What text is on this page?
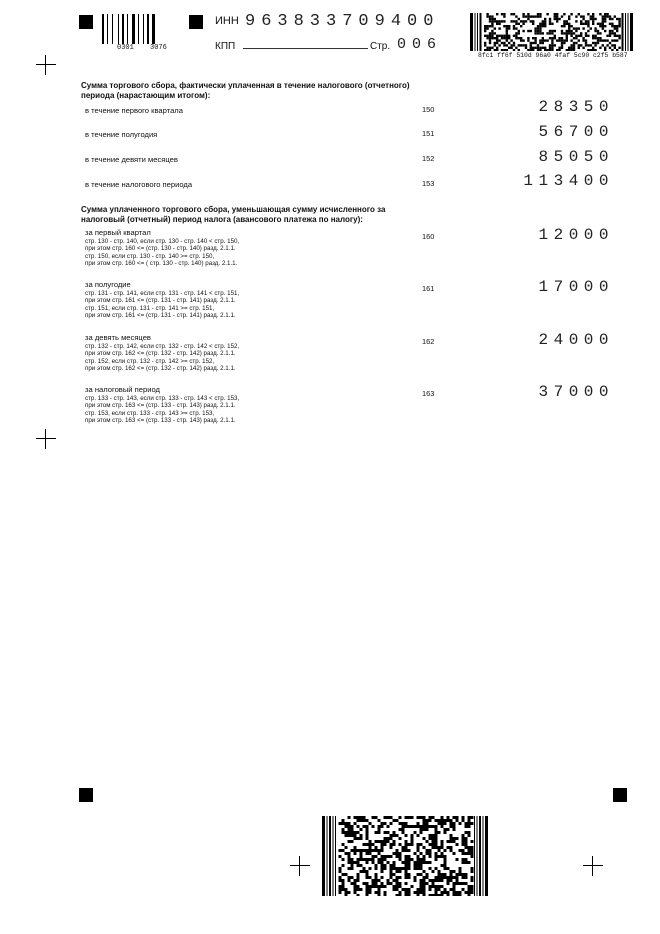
0301 3076
ИНН 963833709400
КПП	Стр. 006
8fc1 ff6f 510d 96a0 4faf 5c90 c2f5 b587
Сумма торгового сбора, фактически уплаченная в течение налогового (отчетного) периода (нарастающим итогом):
в течение первого квартала	150	28350
в течение полугодия	151	56700
в течение девяти месяцев	152	85050
в течение налогового периода	153	113400
Сумма уплаченного торгового сбора, уменьшающая сумму исчисленного за налоговый (отчетный) период налога (авансового платежа по налогу):
за первый квартал
стр. 130 - стр. 140, если стр. 130 - стр. 140 < стр. 150,
при этом стр. 160 <= (стр. 130 - стр. 140) разд. 2.1.1.
стр. 150, если стр. 130 - стр. 140 >= стр. 150,
при этом стр. 160 <= ( стр. 130 - стр. 140) разд. 2.1.1.
160	12000
за полугодие
стр. 131 - стр. 141, если стр. 131 - стр. 141 < стр. 151,
при этом стр. 161 <= (стр. 131 - стр. 141) разд. 2.1.1.
стр. 151, если стр. 131 - стр. 141 >= стр. 151,
при этом стр. 161 <= (стр. 131 - стр. 141) разд. 2.1.1.
161	17000
за девять месяцев
стр. 132 - стр. 142, если стр. 132 - стр. 142 < стр. 152,
при этом стр. 162 <= (стр. 132 - стр. 142) разд. 2.1.1.
стр. 152, если стр. 132 - стр. 142 >= стр. 152,
при этом стр. 162 <= (стр. 132 - стр. 142) разд. 2.1.1.
162	24000
за налоговый период
стр. 133 - стр. 143, если стр. 133 - стр. 143 < стр. 153,
при этом стр. 163 <= (стр. 133 - стр. 143) разд. 2.1.1.
стр. 153, если стр. 133 - стр. 143 >= стр. 153,
при этом стр. 163 <= (стр. 133 - стр. 143) разд. 2.1.1.
163	37000
